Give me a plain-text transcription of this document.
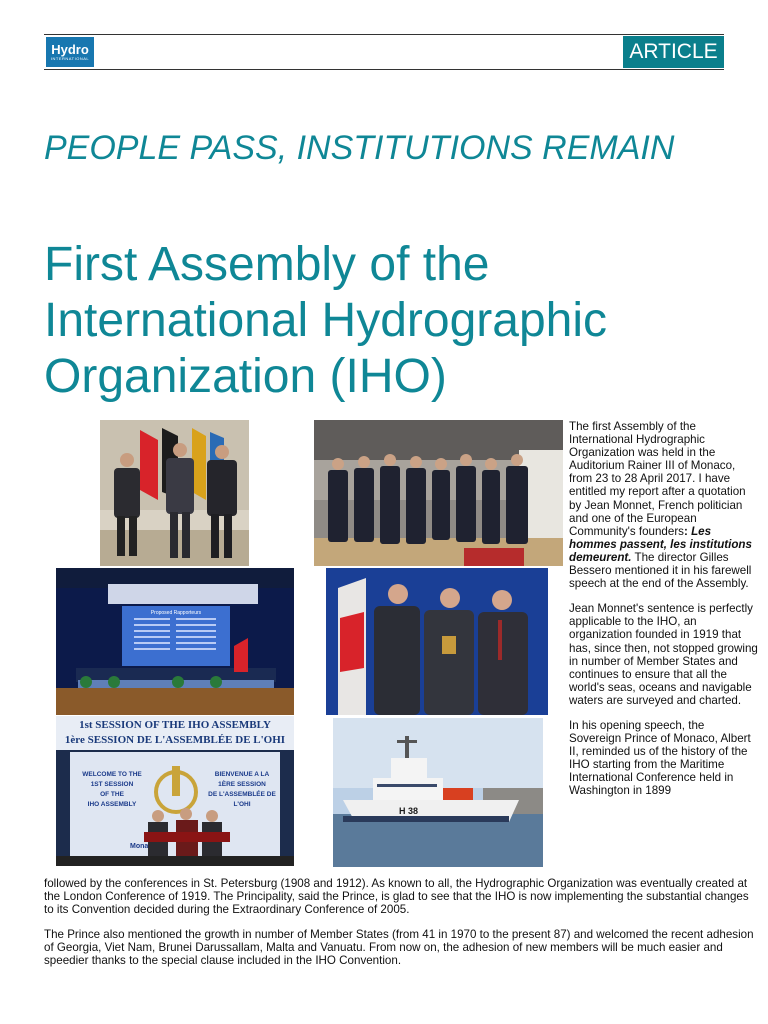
Hydro
INTERNATIONAL	ARTICLE
PEOPLE PASS, INSTITUTIONS REMAIN
First Assembly of the International Hydrographic Organization (IHO)
Proposed Rapporteurs
1st SESSION OF THE IHO ASSEMBLY
1ère SESSION DE L'ASSEMBLÉE DE L'OHI
WELCOME TO THE
1ST SESSION
OF THE
IHO ASSEMBLY
BIENVENUE A LA
1ÈRE SESSION
DE L'ASSEMBLÉE DE
L'OHI
Mona
H 38

The first Assembly of the International Hydrographic Organization was held in the Auditorium Rainer III of Monaco, from 23 to 28 April 2017. I have entitled my report after a quotation by Jean Monnet, French politician and one of the European Community's founders: Les hommes passent, les institutions demeurent. The director Gilles Bessero mentioned it in his farewell speech at the end of the Assembly.

Jean Monnet's sentence is perfectly applicable to the IHO, an organization founded in 1919 that has, since then, not stopped growing in number of Member States and continues to ensure that all the world's seas, oceans and navigable waters are surveyed and charted.

In his opening speech, the Sovereign Prince of Monaco, Albert II, reminded us of the history of the IHO starting from the Maritime International Conference held in Washington in 1899

followed by the conferences in St. Petersburg (1908 and 1912). As known to all, the Hydrographic Organization was eventually created at the London Conference of 1919. The Principality, said the Prince, is glad to see that the IHO is now implementing the substantial changes to its Convention decided during the Extraordinary Conference of 2005.

The Prince also mentioned the growth in number of Member States (from 41 in 1970 to the present 87) and welcomed the recent adhesion of Georgia, Viet Nam, Brunei Darussallam, Malta and Vanuatu. From now on, the adhesion of new members will be much easier and speedier thanks to the special clause included in the IHO Convention.
